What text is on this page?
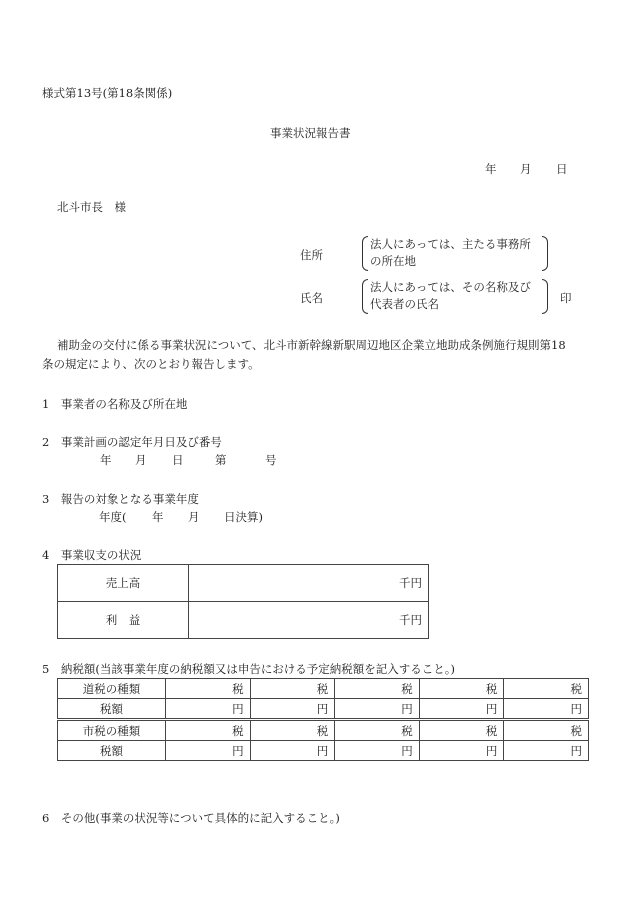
様式第13号(第18条関係)
事業状況報告書
年 月 日
北斗市長　様
住所
法人にあっては、主たる事務所
の所在地
氏名
法人にあっては、その名称及び
代表者の氏名	印
補助金の交付に係る事業状況について、北斗市新幹線新駅周辺地区企業立地助成条例施行規則第18
条の規定により、次のとおり報告します。
1　 事業者の名称及び所在地
2　 事業計画の認定年月日及び番号
年 月 日	第	号
3　 報告の対象となる事業年度
年度( 年 月 日決算)
4　 事業収支の状況
売上高	千円
利　益	千円
5　 納税額(当該事業年度の納税額又は申告における予定納税額を記入すること。)
道税の種類	税	税	税	税	税
税額	円	円	円	円	円
市税の種類	税	税	税	税	税
税額	円	円	円	円	円
6　 その他(事業の状況等について具体的に記入すること。)
